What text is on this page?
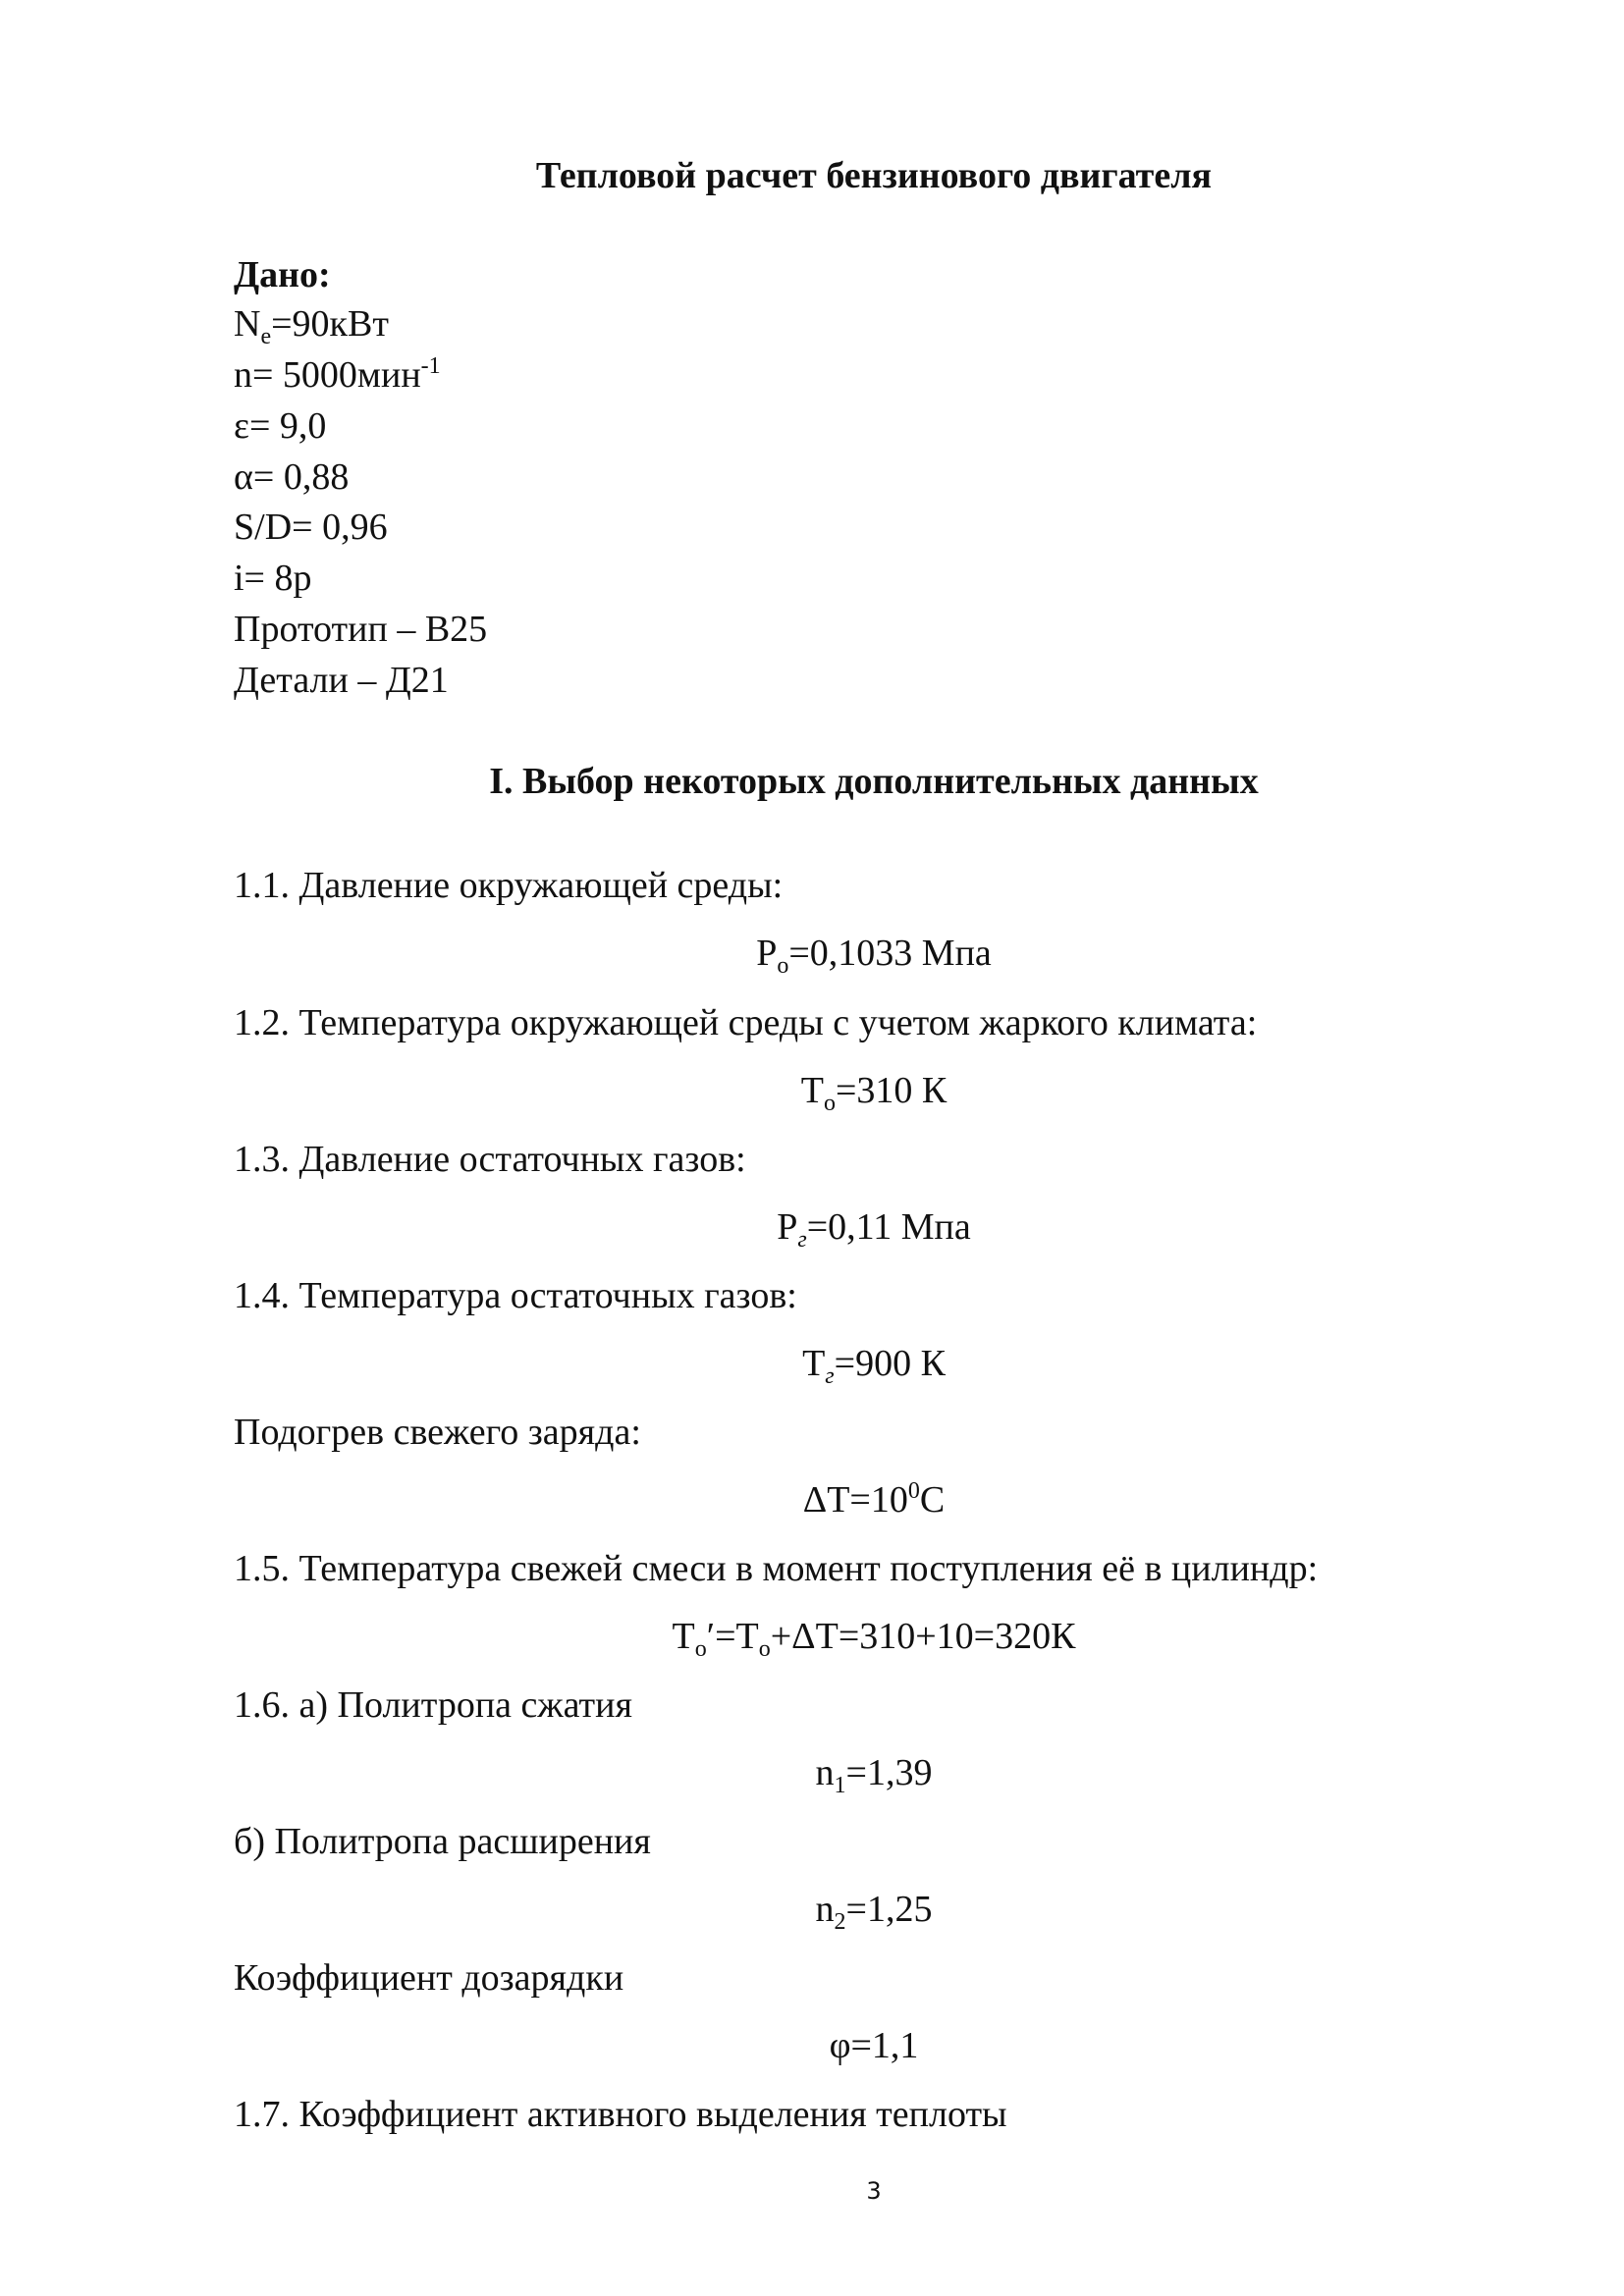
Тепловой расчет бензинового двигателя
Дано:
$N_e=90кВт$
n= 5000мин$^{-1}$
ε= 9,0
α= 0,88
S/D= 0,96
i= 8р
Прототип – В25
Детали – Д21
I. Выбор некоторых дополнительных данных
1.1. Давление окружающей среды:
$P_o=0,1033$ Мпа
1.2. Температура окружающей среды с учетом жаркого климата:
$T_o=310$ К
1.3. Давление остаточных газов:
$P_г=0,11$ Мпа
1.4. Температура остаточных газов:
$T_г=900$ К
Подогрев свежего заряда:
$\Delta T=10^0C$
1.5. Температура свежей смеси в момент поступления её в цилиндр:
$T_o'=T_o+\Delta T=310+10=320К$
1.6. а) Политропа сжатия
$n_1=1,39$
б) Политропа расширения
$n_2=1,25$
Коэффициент дозарядки
φ=1,1
1.7. Коэффициент активного выделения теплоты
3
